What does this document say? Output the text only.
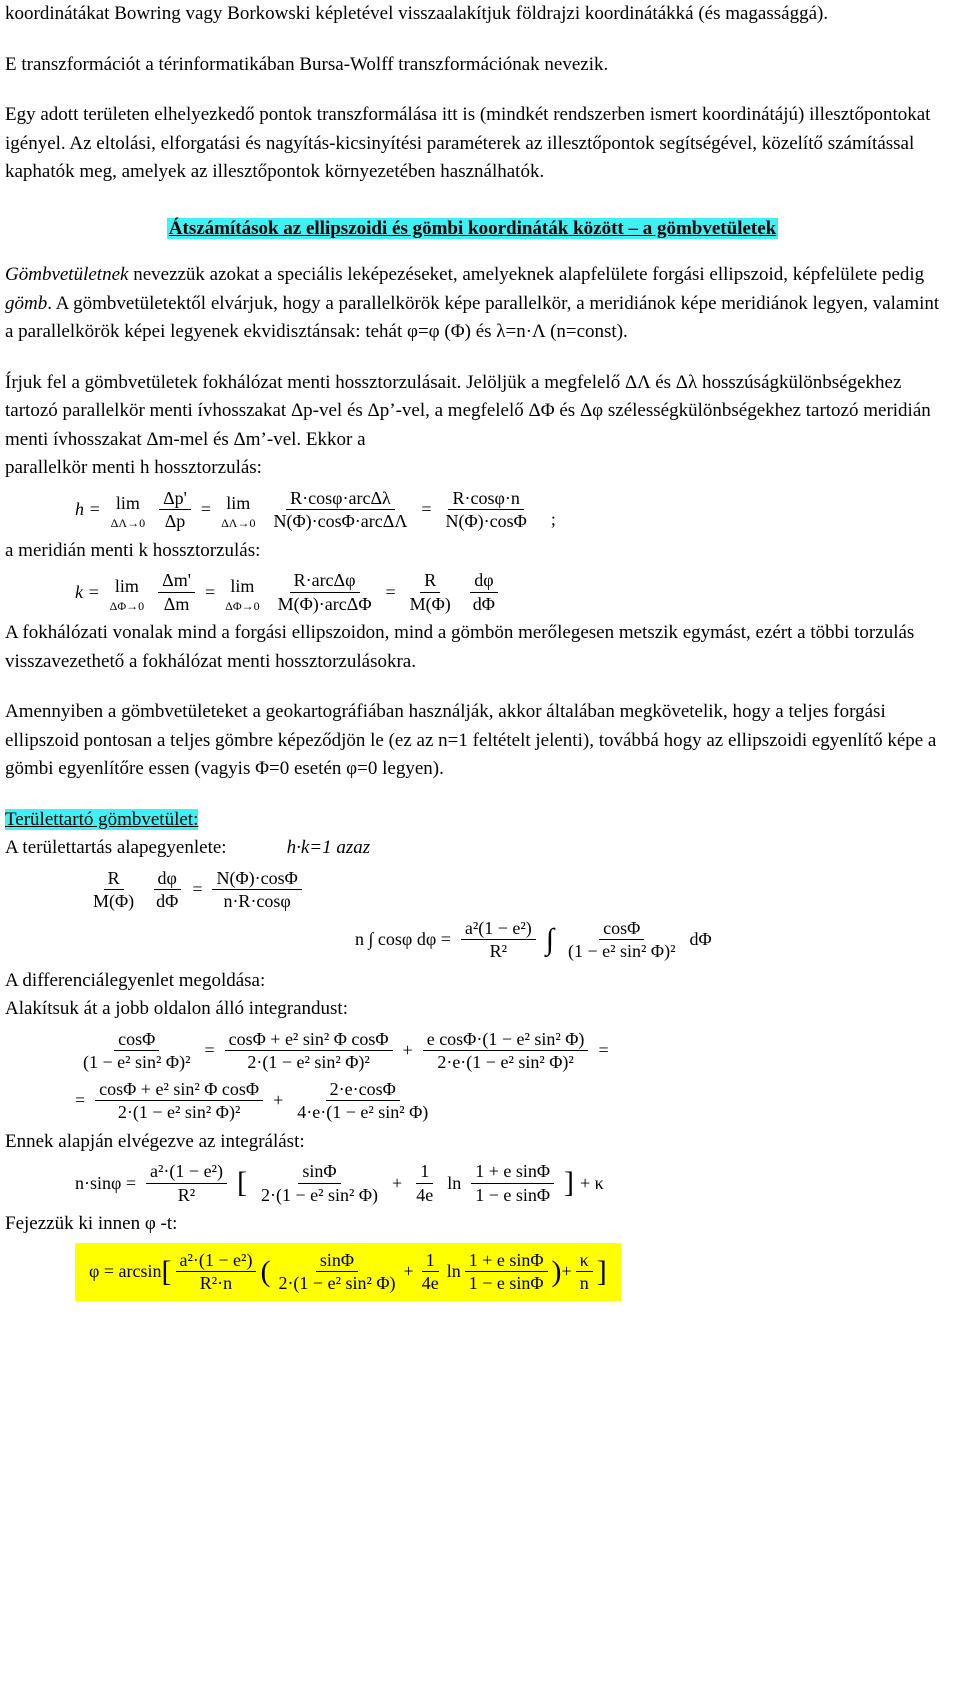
koordinátákat Bowring vagy Borkowski képletével visszaalakítjuk földrajzi koordinátákká (és magassággá).

E transzformációt a térinformatikában Bursa-Wolff transzformációnak nevezik.

Egy adott területen elhelyezkedő pontok transzformálása itt is (mindkét rendszerben ismert koordinátájú) illesztőpontokat igényel. Az eltolási, elforgatási és nagyítás-kicsinyítési paraméterek az illesztőpontok segítségével, közelítő számítással kaphatók meg, amelyek az illesztőpontok környezetében használhatók.

Átszámítások az ellipszoidi és gömbi koordináták között – a gömbvetületek

Gömbvetületnek nevezzük azokat a speciális leképezéseket, amelyeknek alapfelülete forgási ellipszoid, képfelülete pedig gömb. A gömbvetületektől elvárjuk, hogy a parallelkörök képe parallelkör, a meridiánok képe meridiánok legyen, valamint a parallelkörök képei legyenek ekvidisztánsak: tehát φ=φ (Φ) és λ=n·Λ (n=const).

Írjuk fel a gömbvetületek fokhálózat menti hossztorzulásait. Jelöljük a megfelelő ΔΛ és Δλ hosszúságkülönbségekhez tartozó parallelkör menti ívhosszakat Δp-vel és Δp’-vel, a megfelelő ΔΦ és Δφ szélességkülönbségekhez tartozó meridián menti ívhosszakat Δm-mel és Δm’-vel. Ekkor a

parallelkör menti h hossztorzulás:

h = lim
$\Delta\Lambda\to 0 \frac{\Delta p'}{\Delta p} = \lim$
$\Delta\Lambda\to 0 \frac{\text{R·cosφ·arcΔλ}}{\text{N(Φ)·cosΦ·arcΔΛ}} = \frac{R\cdot\cos\varphi\cdot n}{N(\Phi)\cdot\cos\Phi}$ ;

a meridián menti k hossztorzulás:

k = lim
$\Delta\Phi\to 0 \frac{\Delta m'}{\Delta m} = \lim$
$\Delta\Phi\to 0 \frac{\text{R·arcΔφ}}{\text{M(Φ)·arcΔΦ}} = \frac{R}{M(\Phi)} \frac{d\varphi}{d\Phi}$

A fokhálózati vonalak mind a forgási ellipszoidon, mind a gömbön merőlegesen metszik egymást, ezért a többi torzulás visszavezethető a fokhálózat menti hossztorzulásokra.

Amennyiben a gömbvetületeket a geokartográfiában használják, akkor általában megkövetelik, hogy a teljes forgási ellipszoid pontosan a teljes gömbre képeződjön le (ez az n=1 feltételt jelenti), továbbá hogy az ellipszoidi egyenlítő képe a gömbi egyenlítőre essen (vagyis Φ=0 esetén φ=0 legyen).

Területtartó gömbvetület:

A területtartás alapegyenlete:	h·k=1 azaz
$\frac{R}{M(\Phi)} \frac{d\varphi}{d\Phi} = \frac{N(\Phi)\cdot\cos\Phi}{n\cdot R\cdot\cos\varphi}$
n ∫ cosφ $d\varphi = \frac{\text{a²(1 − e²)}}{\text{R²}}$ ∫ $\frac{\cos\Phi}{\text{(1 − e² sin² Φ)²}}$ dΦ

A differenciálegyenlet megoldása:

Alakítsuk át a jobb oldalon álló integrandust:

$\frac{\cos\Phi}{\text{(1 − e² sin² Φ)²}} = \frac{\text{cosΦ + e² sin² Φ cosΦ}}{\text{2·(1 − e² sin² Φ)²}} + \frac{\text{e cosΦ·(1 − e² sin² Φ)}}{\text{2·e·(1 − e² sin² Φ)²}}$ =
= $\frac{\text{cosΦ + e² sin² Φ cosΦ}}{\text{2·(1 − e² sin² Φ)²}} + \frac{2\cdot e\cdot\cos\Phi}{\text{4·e·(1 − e² sin² Φ)}}$

Ennek alapján elvégezve az integrálást:

$n\cdot\sin\varphi = \frac{\text{a²·(1 − e²)}}{\text{R²}}$ [ $\frac{\sin\Phi}{\text{2·(1 − e² sin² Φ)}} + \frac{1}{4e}$ $\ln \frac{\text{1 + e sinΦ}}{\text{1 − e sinΦ}}$ ] + κ

Fejezzük ki innen φ -t:

φ = arcsin [ $\frac{\text{a²·(1 − e²)}}{\text{R²·n}}$ ( $\frac{\sin\Phi}{\text{2·(1 − e² sin² Φ)}} + \frac{1}{4e}$ $\ln \frac{\text{1 + e sinΦ}}{\text{1 − e sinΦ}}$ ) + $\frac{\kappa}{n}$ ]
